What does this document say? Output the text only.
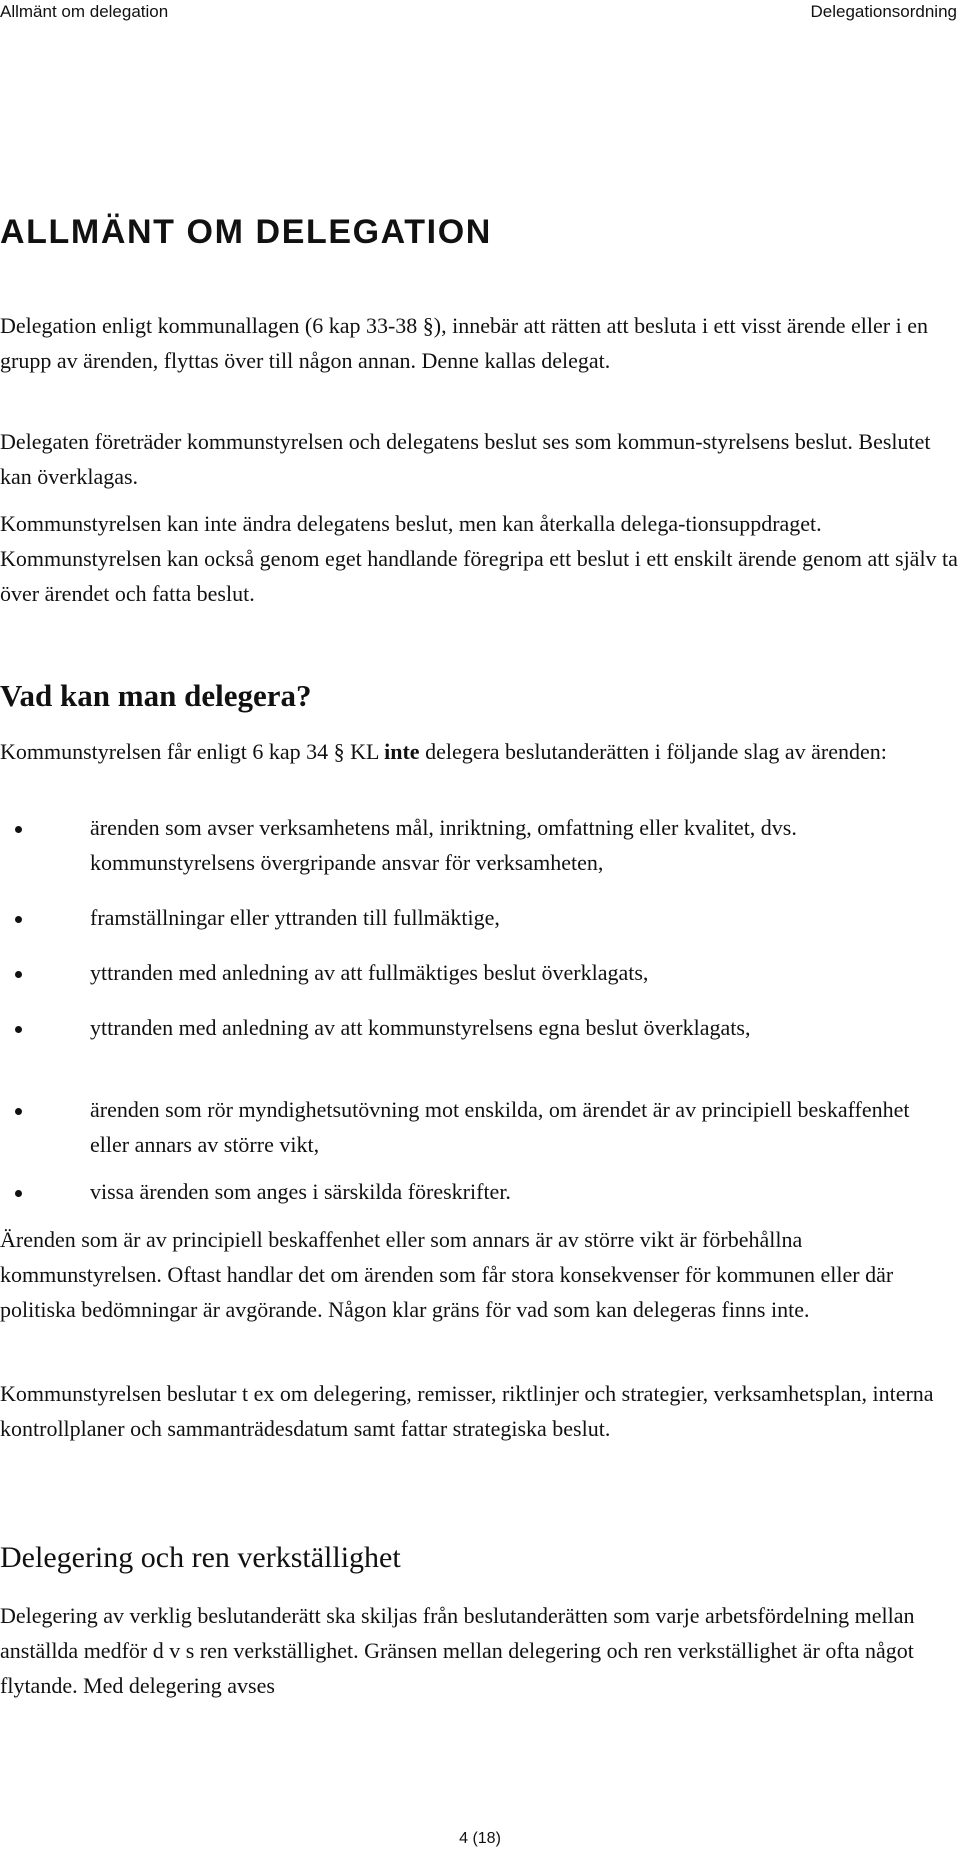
Allmänt om delegation	Delegationsordning
ALLMÄNT OM DELEGATION

Delegation enligt kommunallagen (6 kap 33-38 §), innebär att rätten att besluta i ett visst ärende eller i en grupp av ärenden, flyttas över till någon annan. Denne kallas delegat.

Delegaten företräder kommunstyrelsen och delegatens beslut ses som kommun-styrelsens beslut. Beslutet kan överklagas.

Kommunstyrelsen kan inte ändra delegatens beslut, men kan återkalla delega-tionsuppdraget. Kommunstyrelsen kan också genom eget handlande föregripa ett beslut i ett enskilt ärende genom att själv ta över ärendet och fatta beslut.

Vad kan man delegera?

Kommunstyrelsen får enligt 6 kap 34 § KL inte delegera beslutanderätten i följande slag av ärenden:

ärenden som avser verksamhetens mål, inriktning, omfattning eller kvalitet, dvs. kommunstyrelsens övergripande ansvar för verksamheten,
framställningar eller yttranden till fullmäktige,
yttranden med anledning av att fullmäktiges beslut överklagats,
yttranden med anledning av att kommunstyrelsens egna beslut överklagats,
ärenden som rör myndighetsutövning mot enskilda, om ärendet är av principiell beskaffenhet eller annars av större vikt,
vissa ärenden som anges i särskilda föreskrifter.

Ärenden som är av principiell beskaffenhet eller som annars är av större vikt är förbehållna kommunstyrelsen. Oftast handlar det om ärenden som får stora konsekvenser för kommunen eller där politiska bedömningar är avgörande. Någon klar gräns för vad som kan delegeras finns inte.

Kommunstyrelsen beslutar t ex om delegering, remisser, riktlinjer och strategier, verksamhetsplan, interna kontrollplaner och sammanträdesdatum samt fattar strategiska beslut.

Delegering och ren verkställighet

Delegering av verklig beslutanderätt ska skiljas från beslutanderätten som varje arbetsfördelning mellan anställda medför d v s ren verkställighet. Gränsen mellan delegering och ren verkställighet är ofta något flytande. Med delegering avses

4 (18)
